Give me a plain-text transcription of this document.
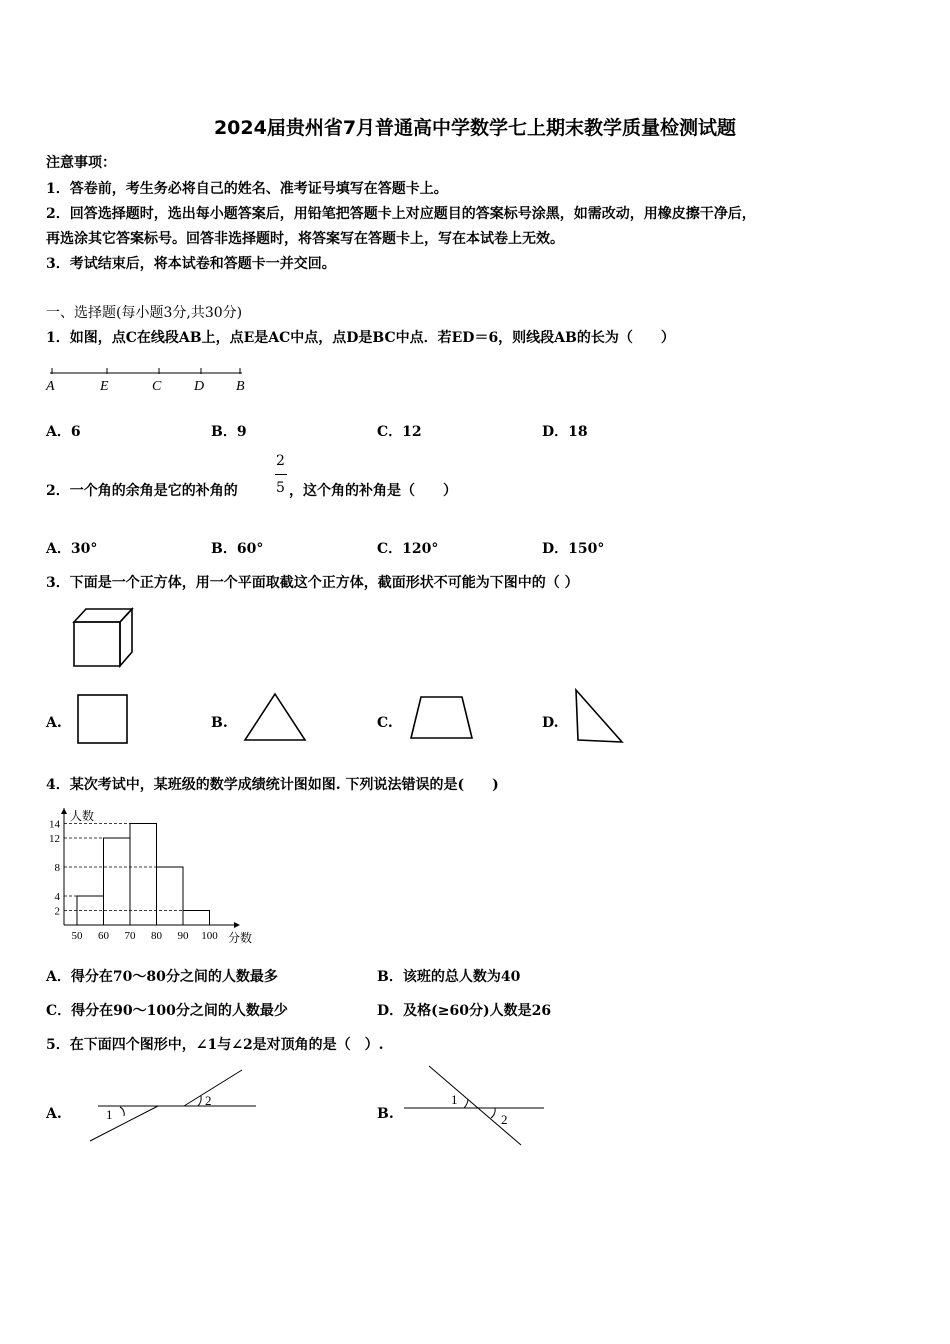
2024届贵州省7月普通高中学数学七上期末教学质量检测试题
注意事项：
1．答卷前，考生务必将自己的姓名、准考证号填写在答题卡上。
2．回答选择题时，选出每小题答案后，用铅笔把答题卡上对应题目的答案标号涂黑，如需改动，用橡皮擦干净后，
再选涂其它答案标号。回答非选择题时，将答案写在答题卡上，写在本试卷上无效。
3．考试结束后，将本试卷和答题卡一并交回。
一、选择题(每小题3分,共30分)
1．如图，点C在线段AB上，点E是AC中点，点D是BC中点．若ED＝6，则线段AB的长为（　　）
A	E	C D B
A．6	B．9	C．12	D．18
2．一个角的余角是它的补角的
2
5 ，这个角的补角是（　　）
A．30°	B．60°	C．120°	D．150°
3．下面是一个正方体，用一个平面取截这个正方体，截面形状不可能为下图中的（ ）
A.	B.	C.	D.
4．某次考试中，某班级的数学成绩统计图如图. 下列说法错误的是(　　)
人数
分数
2
4
8
12
14
50 60 70 80 90 100
A．得分在70～80分之间的人数最多	B．该班的总人数为40
C．得分在90～100分之间的人数最少	D．及格(≥60分)人数是26
5．在下面四个图形中，∠1与∠2是对顶角的是（　）.
A.	1
2
B.
1
2
